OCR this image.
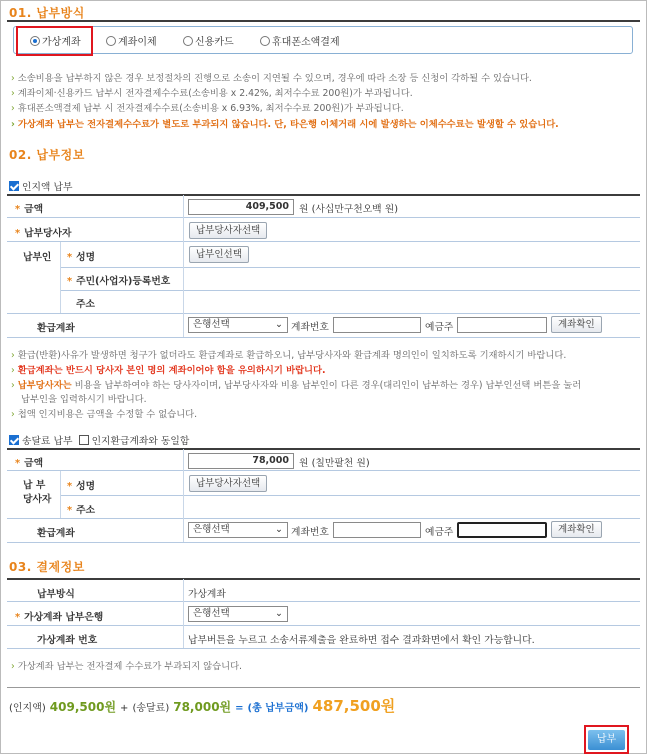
01. 납부방식
가상계좌	계좌이체	신용카드	휴대폰소액결제
› 소송비용을 납부하지 않은 경우 보정절차의 진행으로 소송이 지연될 수 있으며, 경우에 따라 소장 등 신청이 각하될 수 있습니다.
› 계좌이체·신용카드 납부시 전자결제수수료(소송비용 x 2.42%, 최저수수료 200원)가 부과됩니다.
› 휴대폰소액결제 납부 시 전자결제수수료(소송비용 x 6.93%, 최저수수료 200원)가 부과됩니다.
› 가상계좌 납부는 전자결제수수료가 별도로 부과되지 않습니다. 단, 타은행 이체거래 시에 발생하는 이체수수료는 발생할 수 있습니다.
02. 납부정보
인지액 납부
* 금액	409,500	원 (사십만구천오백 원)
* 납부당사자	납부당사자선택
납부인 * 성명	납부인선택
* 주민(사업자)등록번호
주소
환급계좌	은행선택	⌄ 계좌번호	예금주	계좌확인
› 환급(반환)사유가 발생하면 청구가 없더라도 환급계좌로 환급하오니, 납부당사자와 환급계좌 명의인이 일치하도록 기재하시기 바랍니다.
› 환급계좌는 반드시 당사자 본인 명의 계좌이어야 함을 유의하시기 바랍니다.
› 납부당사자는 비용을 납부하여야 하는 당사자이며, 납부당사자와 비용 납부인이 다른 경우(대리인이 납부하는 경우) 납부인선택 버튼을 눌러
납부인을 입력하시기 바랍니다.
› 첩액 인지비용은 금액을 수정할 수 없습니다.
송달료 납부 인지환급계좌와 동일함
* 금액	78,000	원 (칠만팔천 원)
납 부
당사자
* 성명	납부당사자선택
* 주소
환급계좌	은행선택	⌄ 계좌번호	예금주	계좌확인
03. 결제정보
납부방식	가상계좌
* 가상계좌 납부은행	은행선택	⌄
가상계좌 번호	납부버튼을 누르고 소송서류제출을 완료하면 접수 결과화면에서 확인 가능합니다.
› 가상계좌 납부는 전자결제 수수료가 부과되지 않습니다.
(인지액) 409,500원 + (송달료) 78,000원 = (총 납부금액) 487,500원
납부
